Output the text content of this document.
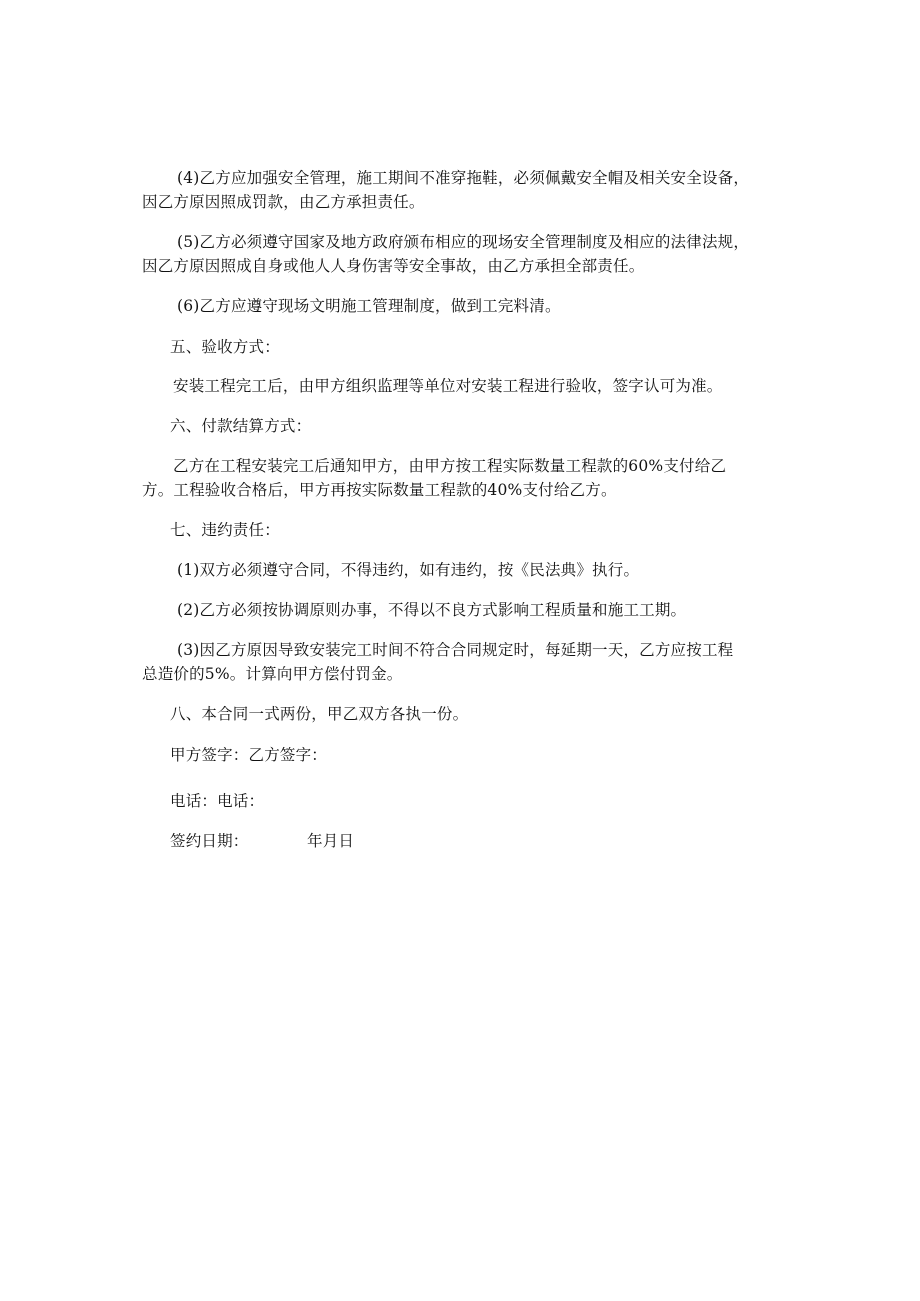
(4)乙方应加强安全管理，施工期间不准穿拖鞋，必须佩戴安全帽及相关安全设备，
因乙方原因照成罚款，由乙方承担责任。
(5)乙方必须遵守国家及地方政府颁布相应的现场安全管理制度及相应的法律法规，
因乙方原因照成自身或他人人身伤害等安全事故，由乙方承担全部责任。
(6)乙方应遵守现场文明施工管理制度，做到工完料清。
五、验收方式：
安装工程完工后，由甲方组织监理等单位对安装工程进行验收，签字认可为准。
六、付款结算方式：
乙方在工程安装完工后通知甲方，由甲方按工程实际数量工程款的60%支付给乙
方。工程验收合格后，甲方再按实际数量工程款的40%支付给乙方。
七、违约责任：
(1)双方必须遵守合同，不得违约，如有违约，按《民法典》执行。
(2)乙方必须按协调原则办事，不得以不良方式影响工程质量和施工工期。
(3)因乙方原因导致安装完工时间不符合合同规定时，每延期一天，乙方应按工程
总造价的5%。计算向甲方偿付罚金。
八、本合同一式两份，甲乙双方各执一份。
甲方签字：乙方签字：
电话：电话：
签约日期：	年月日
